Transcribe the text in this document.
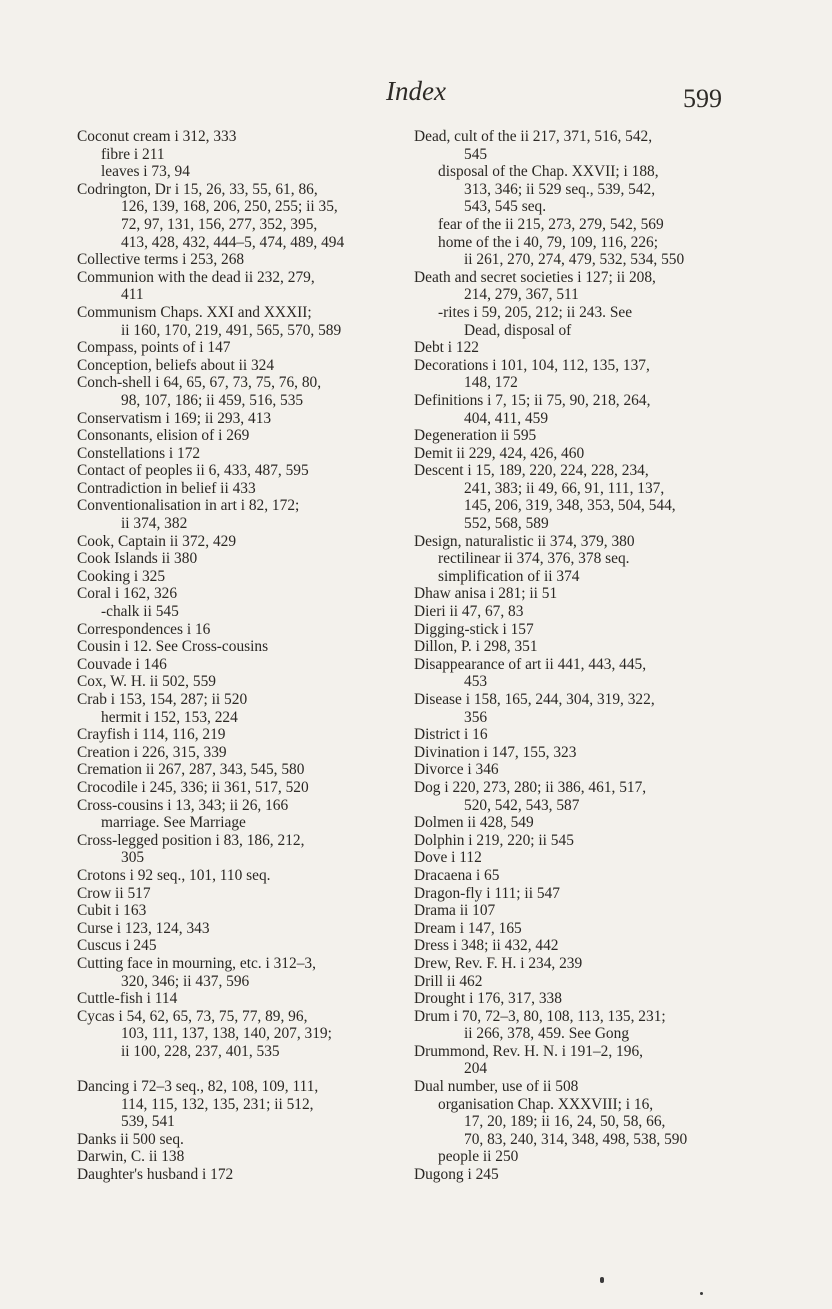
Index	599
Coconut cream i 312, 333
fibre i 211
leaves i 73, 94
Codrington, Dr i 15, 26, 33, 55, 61, 86,
126, 139, 168, 206, 250, 255; ii 35,
72, 97, 131, 156, 277, 352, 395,
413, 428, 432, 444–5, 474, 489, 494
Collective terms i 253, 268
Communion with the dead ii 232, 279,
411
Communism Chaps. XXI and XXXII;
ii 160, 170, 219, 491, 565, 570, 589
Compass, points of i 147
Conception, beliefs about ii 324
Conch-shell i 64, 65, 67, 73, 75, 76, 80,
98, 107, 186; ii 459, 516, 535
Conservatism i 169; ii 293, 413
Consonants, elision of i 269
Constellations i 172
Contact of peoples ii 6, 433, 487, 595
Contradiction in belief ii 433
Conventionalisation in art i 82, 172;
ii 374, 382
Cook, Captain ii 372, 429
Cook Islands ii 380
Cooking i 325
Coral i 162, 326
-chalk ii 545
Correspondences i 16
Cousin i 12. See Cross-cousins
Couvade i 146
Cox, W. H. ii 502, 559
Crab i 153, 154, 287; ii 520
hermit i 152, 153, 224
Crayfish i 114, 116, 219
Creation i 226, 315, 339
Cremation ii 267, 287, 343, 545, 580
Crocodile i 245, 336; ii 361, 517, 520
Cross-cousins i 13, 343; ii 26, 166
marriage. See Marriage
Cross-legged position i 83, 186, 212,
305
Crotons i 92 seq., 101, 110 seq.
Crow ii 517
Cubit i 163
Curse i 123, 124, 343
Cuscus i 245
Cutting face in mourning, etc. i 312–3,
320, 346; ii 437, 596
Cuttle-fish i 114
Cycas i 54, 62, 65, 73, 75, 77, 89, 96,
103, 111, 137, 138, 140, 207, 319;
ii 100, 228, 237, 401, 535
Dancing i 72–3 seq., 82, 108, 109, 111,
114, 115, 132, 135, 231; ii 512,
539, 541
Danks ii 500 seq.
Darwin, C. ii 138
Daughter's husband i 172
Dead, cult of the ii 217, 371, 516, 542,
545
disposal of the Chap. XXVII; i 188,
313, 346; ii 529 seq., 539, 542,
543, 545 seq.
fear of the ii 215, 273, 279, 542, 569
home of the i 40, 79, 109, 116, 226;
ii 261, 270, 274, 479, 532, 534, 550
Death and secret societies i 127; ii 208,
214, 279, 367, 511
-rites i 59, 205, 212; ii 243. See
Dead, disposal of
Debt i 122
Decorations i 101, 104, 112, 135, 137,
148, 172
Definitions i 7, 15; ii 75, 90, 218, 264,
404, 411, 459
Degeneration ii 595
Demit ii 229, 424, 426, 460
Descent i 15, 189, 220, 224, 228, 234,
241, 383; ii 49, 66, 91, 111, 137,
145, 206, 319, 348, 353, 504, 544,
552, 568, 589
Design, naturalistic ii 374, 379, 380
rectilinear ii 374, 376, 378 seq.
simplification of ii 374
Dhaw anisa i 281; ii 51
Dieri ii 47, 67, 83
Digging-stick i 157
Dillon, P. i 298, 351
Disappearance of art ii 441, 443, 445,
453
Disease i 158, 165, 244, 304, 319, 322,
356
District i 16
Divination i 147, 155, 323
Divorce i 346
Dog i 220, 273, 280; ii 386, 461, 517,
520, 542, 543, 587
Dolmen ii 428, 549
Dolphin i 219, 220; ii 545
Dove i 112
Dracaena i 65
Dragon-fly i 111; ii 547
Drama ii 107
Dream i 147, 165
Dress i 348; ii 432, 442
Drew, Rev. F. H. i 234, 239
Drill ii 462
Drought i 176, 317, 338
Drum i 70, 72–3, 80, 108, 113, 135, 231;
ii 266, 378, 459. See Gong
Drummond, Rev. H. N. i 191–2, 196,
204
Dual number, use of ii 508
organisation Chap. XXXVIII; i 16,
17, 20, 189; ii 16, 24, 50, 58, 66,
70, 83, 240, 314, 348, 498, 538, 590
people ii 250
Dugong i 245
